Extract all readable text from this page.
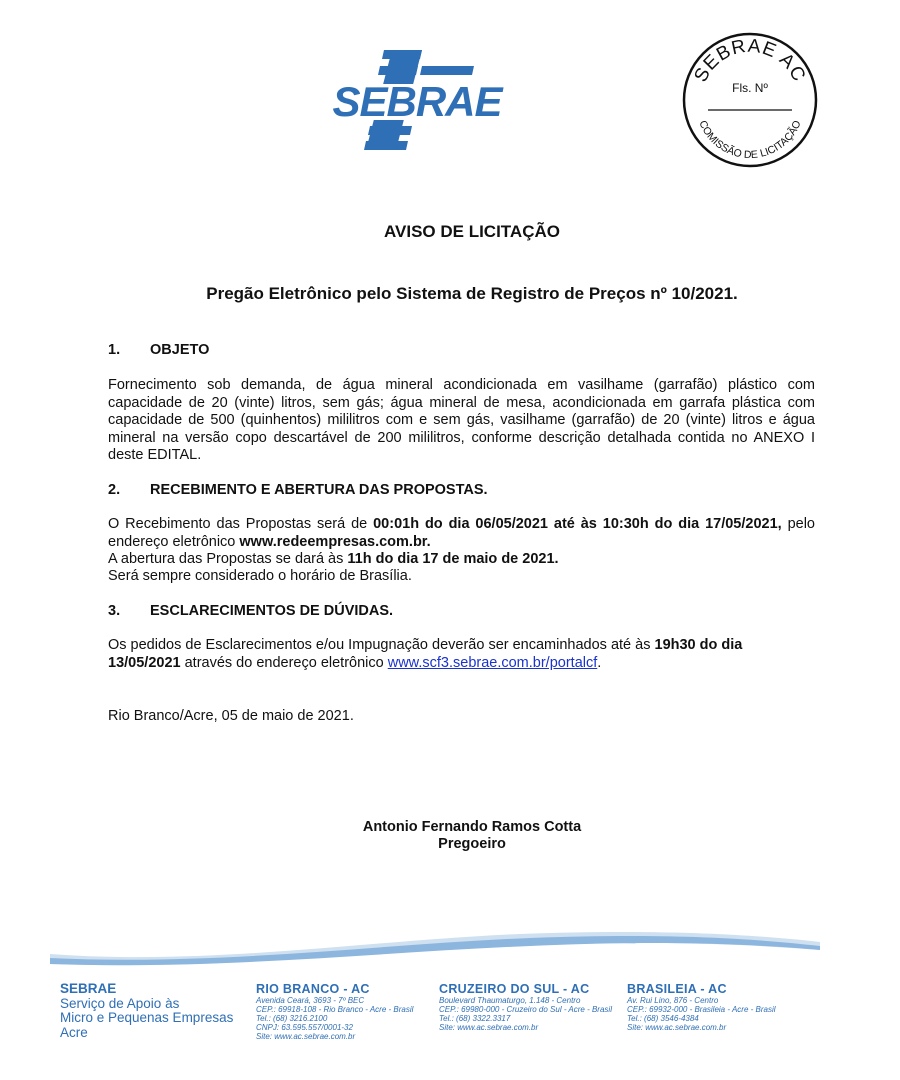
SEBRAE
SEBRAE AC
Fls. Nº
COMISSÃO DE LICITAÇÃO
AVISO DE LICITAÇÃO
Pregão Eletrônico pelo Sistema de Registro de Preços nº 10/2021.
1. OBJETO
Fornecimento sob demanda, de água mineral acondicionada em vasilhame (garrafão) plástico com capacidade de 20 (vinte) litros, sem gás; água mineral de mesa, acondicionada em garrafa plástica com capacidade de 500 (quinhentos) mililitros com e sem gás, vasilhame (garrafão) de 20 (vinte) litros e água mineral na versão copo descartável de 200 mililitros, conforme descrição detalhada contida no ANEXO I deste EDITAL.
2. RECEBIMENTO E ABERTURA DAS PROPOSTAS.
O Recebimento das Propostas será de 00:01h do dia 06/05/2021 até às 10:30h do dia 17/05/2021, pelo endereço eletrônico www.redeempresas.com.br.
A abertura das Propostas se dará às 11h do dia 17 de maio de 2021.
Será sempre considerado o horário de Brasília.
3. ESCLARECIMENTOS DE DÚVIDAS.
Os pedidos de Esclarecimentos e/ou Impugnação deverão ser encaminhados até às 19h30 do dia 13/05/2021 através do endereço eletrônico www.scf3.sebrae.com.br/portalcf.
Rio Branco/Acre, 05 de maio de 2021.
Antonio Fernando Ramos Cotta
Pregoeiro
SEBRAE
Serviço de Apoio às
Micro e Pequenas Empresas
Acre
RIO BRANCO - AC
Avenida Ceará, 3693 - 7º BEC
CEP.: 69918-108 - Rio Branco - Acre - Brasil
Tel.: (68) 3216.2100
CNPJ: 63.595.557/0001-32
Site: www.ac.sebrae.com.br
CRUZEIRO DO SUL - AC
Boulevard Thaumaturgo, 1.148 - Centro
CEP.: 69980-000 - Cruzeiro do Sul - Acre - Brasil
Tel.: (68) 3322.3317
Site: www.ac.sebrae.com.br
BRASILEIA - AC
Av. Rui Lino, 876 - Centro
CEP.: 69932-000 - Brasileia - Acre - Brasil
Tel.: (68) 3546-4384
Site: www.ac.sebrae.com.br
